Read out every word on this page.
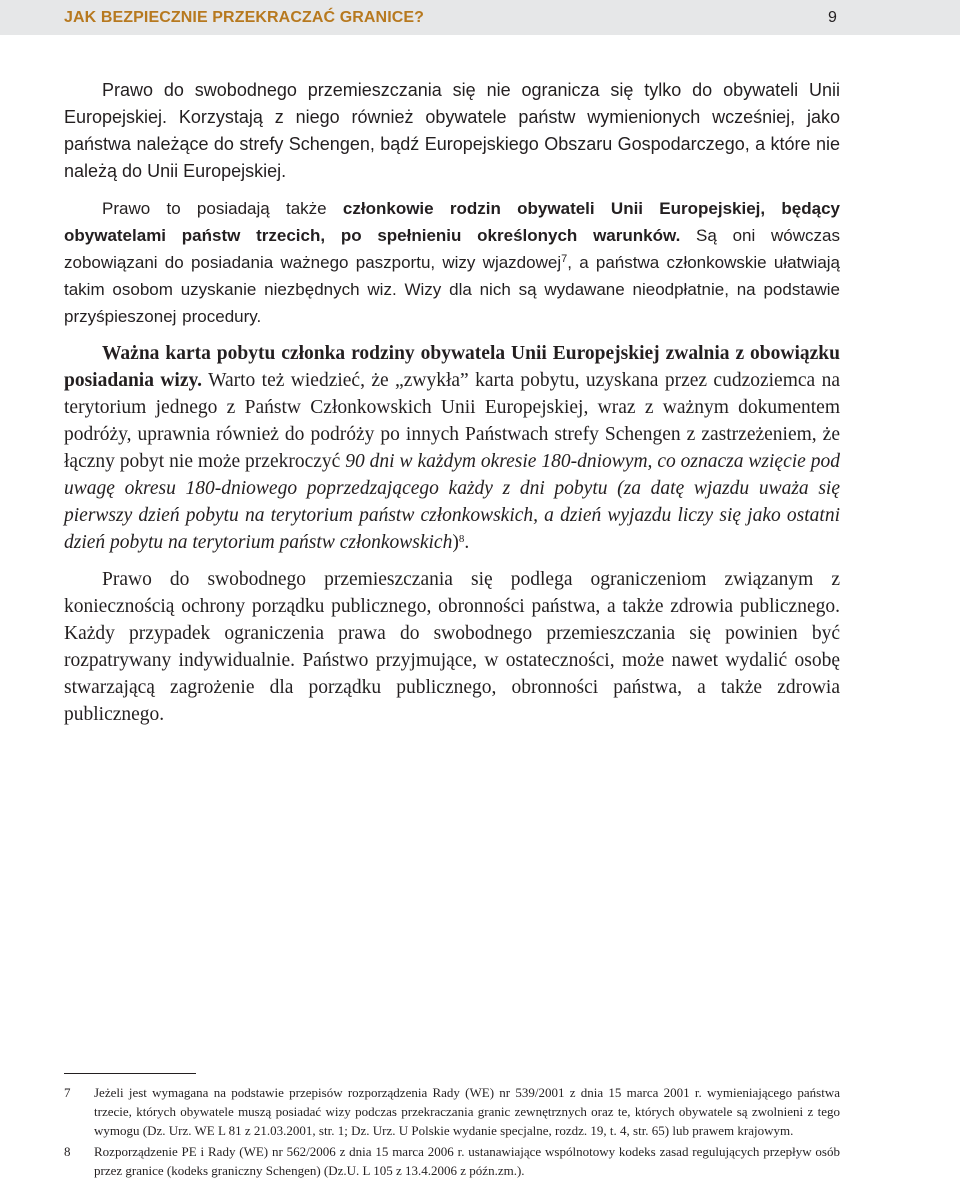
JAK BEZPIECZNIE PRZEKRACZAĆ GRANICE?	9

Prawo do swobodnego przemieszczania się nie ogranicza się tylko do obywateli Unii Europejskiej. Korzystają z niego również obywatele państw wymienionych wcześniej, jako państwa należące do strefy Schengen, bądź Europejskiego Obszaru Gospodarczego, a które nie należą do Unii Europejskiej.

Prawo to posiadają także członkowie rodzin obywateli Unii Europejskiej, będący obywatelami państw trzecich, po spełnieniu określonych warunków. Są oni wówczas zobowiązani do posiadania ważnego paszportu, wizy wjazdowej$^7$, a państwa członkowskie ułatwiają takim osobom uzyskanie niezbędnych wiz. Wizy dla nich są wydawane nieodpłatnie, na podstawie przyśpieszonej procedury.

Ważna karta pobytu członka rodziny obywatela Unii Europejskiej zwalnia z obowiązku posiadania wizy. Warto też wiedzieć, że „zwykła” karta pobytu, uzyskana przez cudzoziemca na terytorium jednego z Państw Członkowskich Unii Europejskiej, wraz z ważnym dokumentem podróży, uprawnia również do podróży po innych Państwach strefy Schengen z zastrzeżeniem, że łączny pobyt nie może przekroczyć 90 dni w każdym okresie 180-dniowym, co oznacza wzięcie pod uwagę okresu 180-dniowego poprzedzającego każdy z dni pobytu (za datę wjazdu uważa się pierwszy dzień pobytu na terytorium państw członkowskich, a dzień wyjazdu liczy się jako ostatni dzień pobytu na terytorium państw członkowskich)$^8$.

Prawo do swobodnego przemieszczania się podlega ograniczeniom związanym z koniecznością ochrony porządku publicznego, obronności państwa, a także zdrowia publicznego. Każdy przypadek ograniczenia prawa do swobodnego przemieszczania się powinien być rozpatrywany indywidualnie. Państwo przyjmujące, w ostateczności, może nawet wydalić osobę stwarzającą zagrożenie dla porządku publicznego, obronności państwa, a także zdrowia publicznego.

7 Jeżeli jest wymagana na podstawie przepisów rozporządzenia Rady (WE) nr 539/2001 z dnia 15 marca 2001 r. wymieniającego państwa trzecie, których obywatele muszą posiadać wizy podczas przekraczania granic zewnętrznych oraz te, których obywatele są zwolnieni z tego wymogu (Dz. Urz. WE L 81 z 21.03.2001, str. 1; Dz. Urz. U Polskie wydanie specjalne, rozdz. 19, t. 4, str. 65) lub prawem krajowym.
8 Rozporządzenie PE i Rady (WE) nr 562/2006 z dnia 15 marca 2006 r. ustanawiające wspólnotowy kodeks zasad regulujących przepływ osób przez granice (kodeks graniczny Schengen) (Dz.U. L 105 z 13.4.2006 z późn.zm.).
